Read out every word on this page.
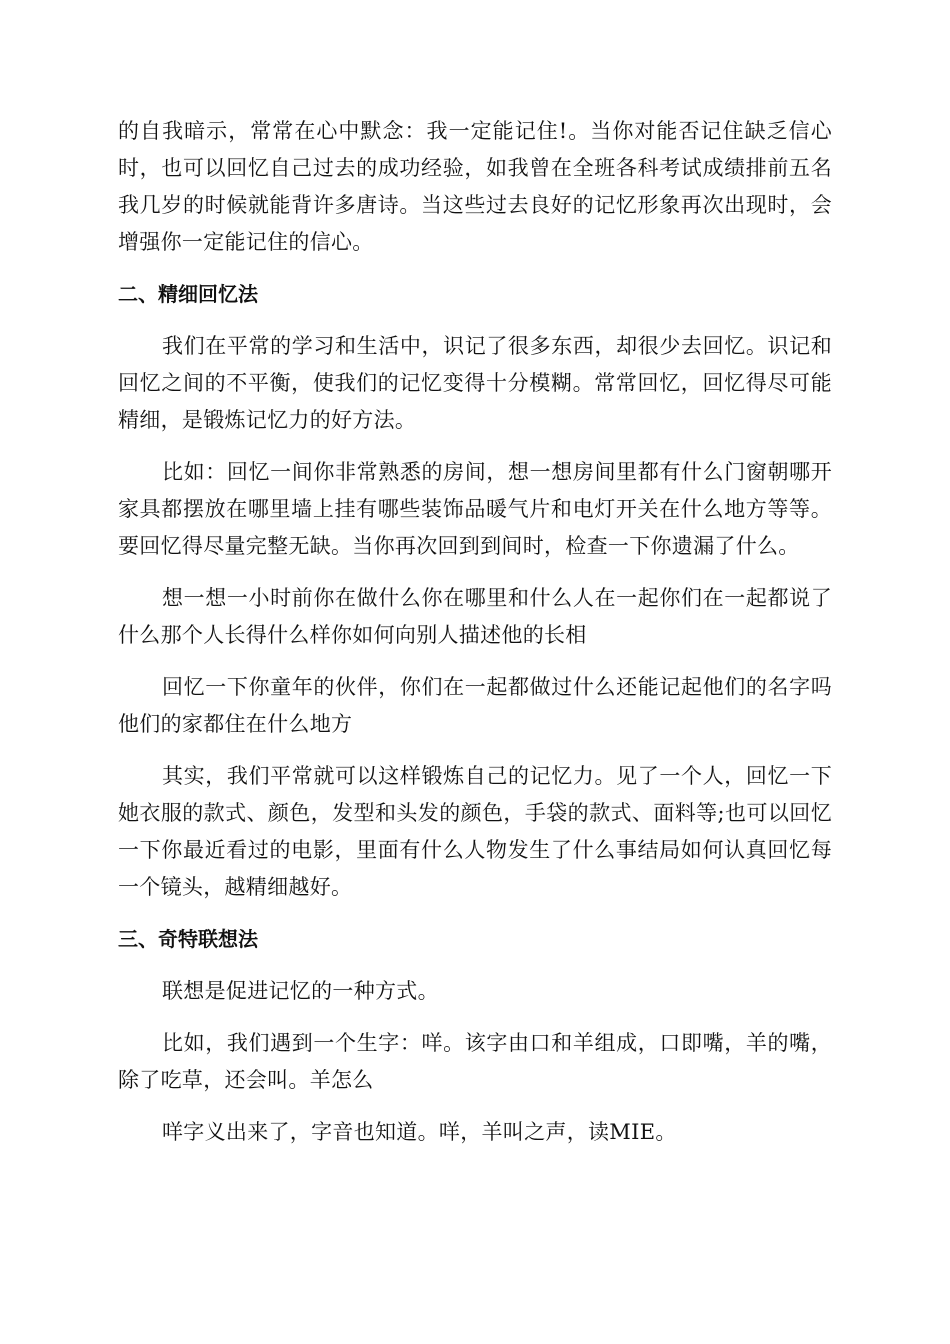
的自我暗示，常常在心中默念：我一定能记住!。当你对能否记住缺乏信心时，也可以回忆自己过去的成功经验，如我曾在全班各科考试成绩排前五名我几岁的时候就能背许多唐诗。当这些过去良好的记忆形象再次出现时，会增强你一定能记住的信心。

二、精细回忆法

我们在平常的学习和生活中，识记了很多东西，却很少去回忆。识记和回忆之间的不平衡，使我们的记忆变得十分模糊。常常回忆，回忆得尽可能精细，是锻炼记忆力的好方法。

比如：回忆一间你非常熟悉的房间，想一想房间里都有什么门窗朝哪开家具都摆放在哪里墙上挂有哪些装饰品暖气片和电灯开关在什么地方等等。要回忆得尽量完整无缺。当你再次回到到间时，检查一下你遗漏了什么。

想一想一小时前你在做什么你在哪里和什么人在一起你们在一起都说了什么那个人长得什么样你如何向别人描述他的长相

回忆一下你童年的伙伴，你们在一起都做过什么还能记起他们的名字吗他们的家都住在什么地方

其实，我们平常就可以这样锻炼自己的记忆力。见了一个人，回忆一下她衣服的款式、颜色，发型和头发的颜色，手袋的款式、面料等;也可以回忆一下你最近看过的电影，里面有什么人物发生了什么事结局如何认真回忆每一个镜头，越精细越好。

三、奇特联想法

联想是促进记忆的一种方式。

比如，我们遇到一个生字：咩。该字由口和羊组成，口即嘴，羊的嘴，除了吃草，还会叫。羊怎么

咩字义出来了，字音也知道。咩，羊叫之声，读MIE。
